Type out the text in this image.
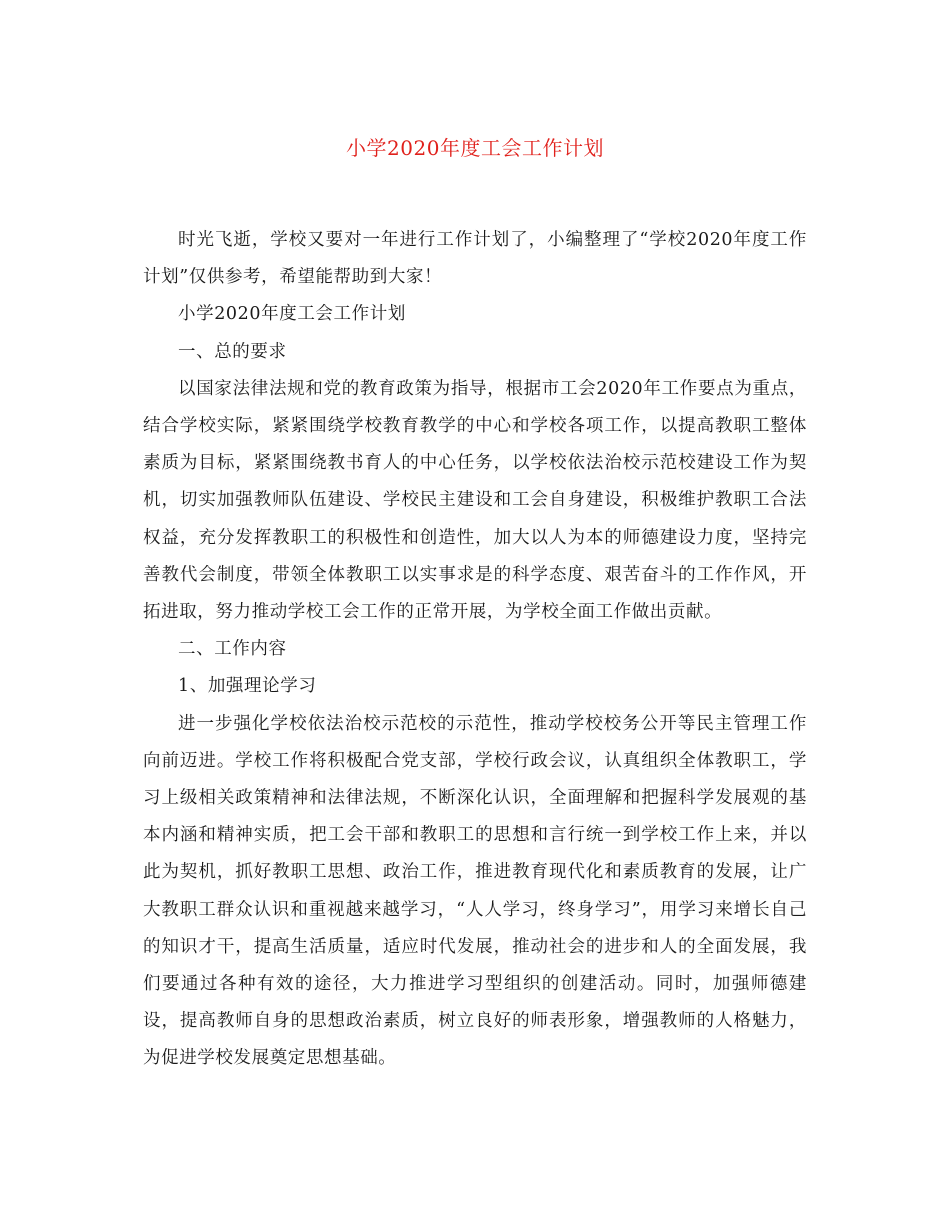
小学2020年度工会工作计划

时光飞逝，学校又要对一年进行工作计划了，小编整理了“学校2020年度工作计划”仅供参考，希望能帮助到大家！

小学2020年度工会工作计划

一、总的要求

以国家法律法规和党的教育政策为指导，根据市工会2020年工作要点为重点，结合学校实际，紧紧围绕学校教育教学的中心和学校各项工作，以提高教职工整体素质为目标，紧紧围绕教书育人的中心任务，以学校依法治校示范校建设工作为契机，切实加强教师队伍建设、学校民主建设和工会自身建设，积极维护教职工合法权益，充分发挥教职工的积极性和创造性，加大以人为本的师德建设力度，坚持完善教代会制度，带领全体教职工以实事求是的科学态度、艰苦奋斗的工作作风，开拓进取，努力推动学校工会工作的正常开展，为学校全面工作做出贡献。

二、工作内容

1、加强理论学习

进一步强化学校依法治校示范校的示范性，推动学校校务公开等民主管理工作向前迈进。学校工作将积极配合党支部，学校行政会议，认真组织全体教职工，学习上级相关政策精神和法律法规，不断深化认识，全面理解和把握科学发展观的基本内涵和精神实质，把工会干部和教职工的思想和言行统一到学校工作上来，并以此为契机，抓好教职工思想、政治工作，推进教育现代化和素质教育的发展，让广大教职工群众认识和重视越来越学习，“人人学习，终身学习”，用学习来增长自己的知识才干，提高生活质量，适应时代发展，推动社会的进步和人的全面发展，我们要通过各种有效的途径，大力推进学习型组织的创建活动。同时，加强师德建设，提高教师自身的思想政治素质，树立良好的师表形象，增强教师的人格魅力，为促进学校发展奠定思想基础。
